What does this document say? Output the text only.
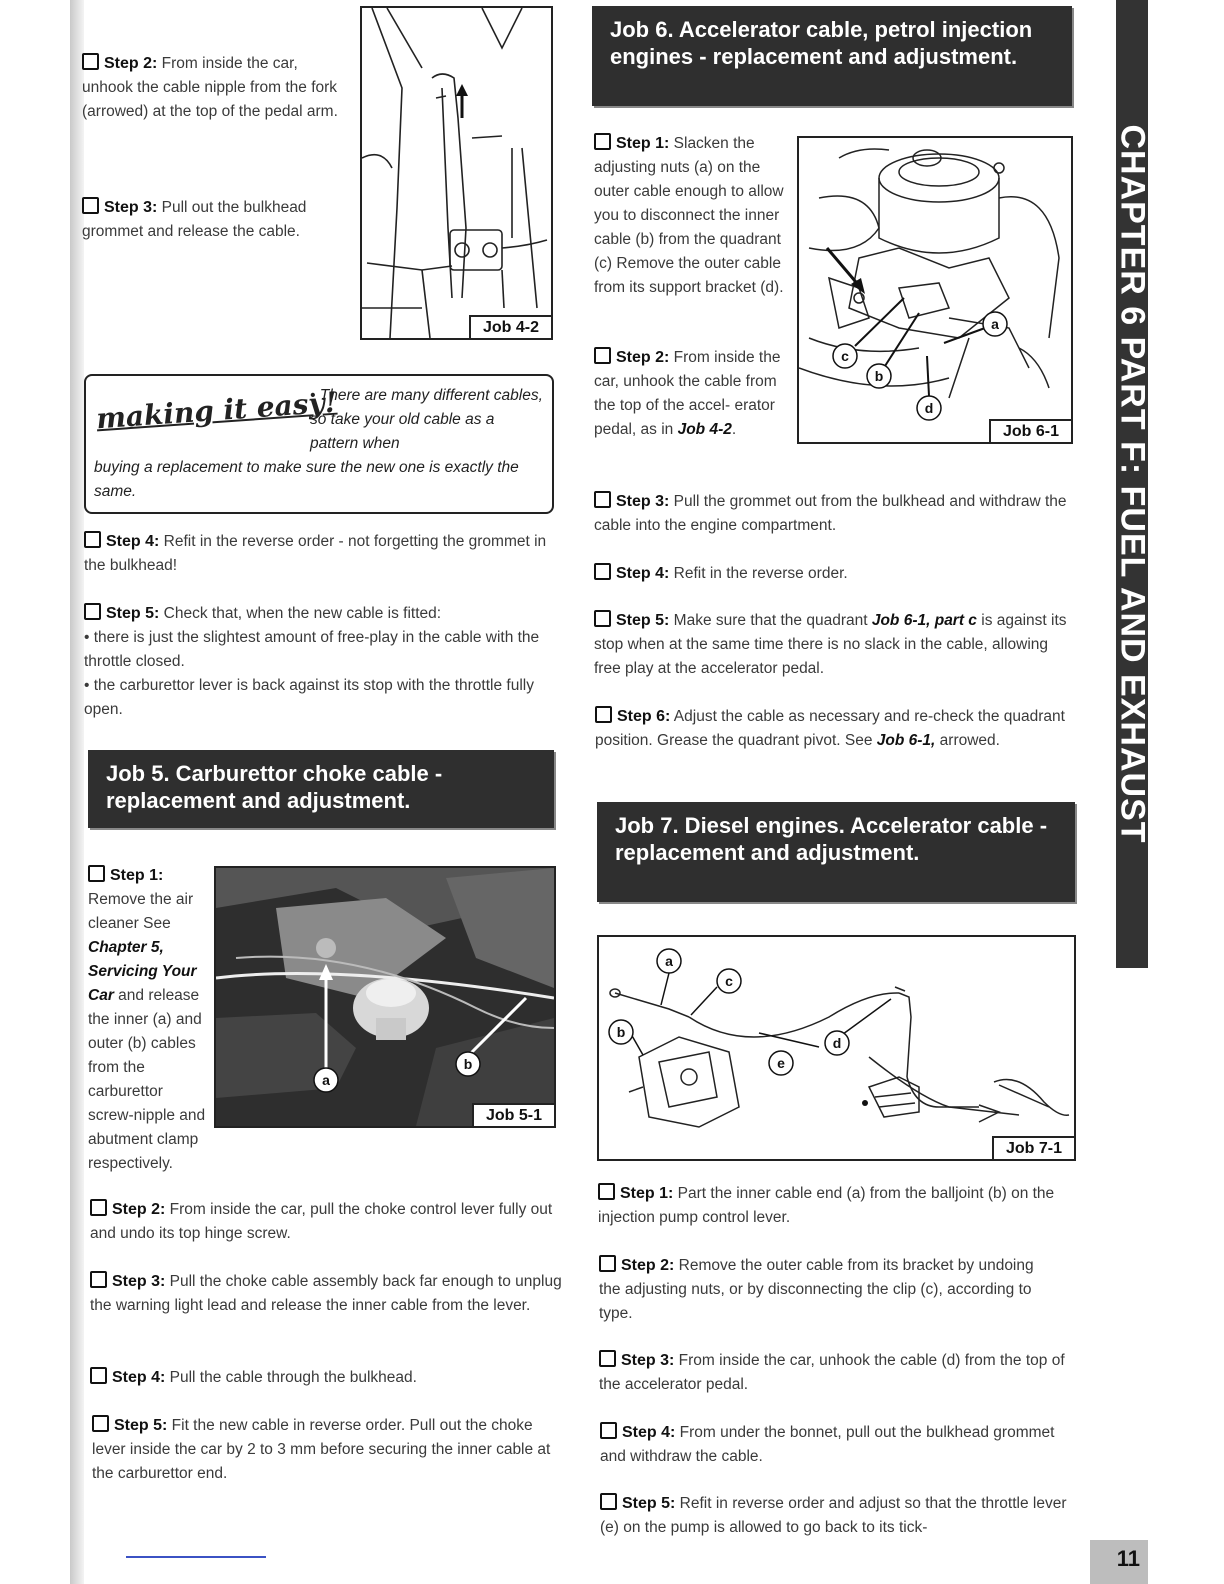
Step 2: From inside the car, unhook the cable nipple from the fork (arrowed) at the top of the pedal arm.

Step 3: Pull out the bulkhead grommet and release the cable.

Job 4-2
making it easy!
• There are many different cables, so take your old cable as a pattern when
buying a replacement to make sure the new one is exactly the same.

Step 4: Refit in the reverse order - not forgetting the grommet in the bulkhead!

Step 5: Check that, when the new cable is fitted:
• there is just the slightest amount of free-play in the cable with the throttle closed.
• the carburettor lever is back against its stop with the throttle fully open.

Job 5. Carburettor choke cable - replacement and adjustment.

Step 1:
Remove the air cleaner See Chapter 5, Servicing Your Car and release the inner (a) and outer (b) cables from the carburettor screw-nipple and abutment clamp respectively.

a
b
Job 5-1

Step 2: From inside the car, pull the choke control lever fully out and undo its top hinge screw.

Step 3: Pull the choke cable assembly back far enough to unplug the warning light lead and release the inner cable from the lever.

Step 4: Pull the cable through the bulkhead.

Step 5: Fit the new cable in reverse order. Pull out the choke lever inside the car by 2 to 3 mm before securing the inner cable at the carburettor end.

Job 6. Accelerator cable, petrol injection engines - replacement and adjustment.

Step 1: Slacken the adjusting nuts (a) on the outer cable enough to allow you to disconnect the inner cable (b) from the quadrant (c) Remove the outer cable from its support bracket (d).

Step 2: From inside the car, unhook the cable from the top of the accel- erator pedal, as in Job 4-2.

c
b
a
d
Job 6-1

Step 3: Pull the grommet out from the bulkhead and withdraw the cable into the engine compartment.

Step 4: Refit in the reverse order.

Step 5: Make sure that the quadrant Job 6-1, part c is against its stop when at the same time there is no slack in the cable, allowing free play at the accelerator pedal.

Step 6: Adjust the cable as necessary and re-check the quadrant position. Grease the quadrant pivot. See Job 6-1, arrowed.

Job 7. Diesel engines. Accelerator cable - replacement and adjustment.
a
b
c
d
e
Job 7-1

Step 1: Part the inner cable end (a) from the balljoint (b) on the injection pump control lever.

Step 2: Remove the outer cable from its bracket by undoing the adjusting nuts, or by disconnecting the clip (c), according to type.

Step 3: From inside the car, unhook the cable (d) from the top of the accelerator pedal.

Step 4: From under the bonnet, pull out the bulkhead grommet and withdraw the cable.

Step 5: Refit in reverse order and adjust so that the throttle lever (e) on the pump is allowed to go back to its tick-

CHAPTER 6 PART F: FUEL AND EXHAUST
11
